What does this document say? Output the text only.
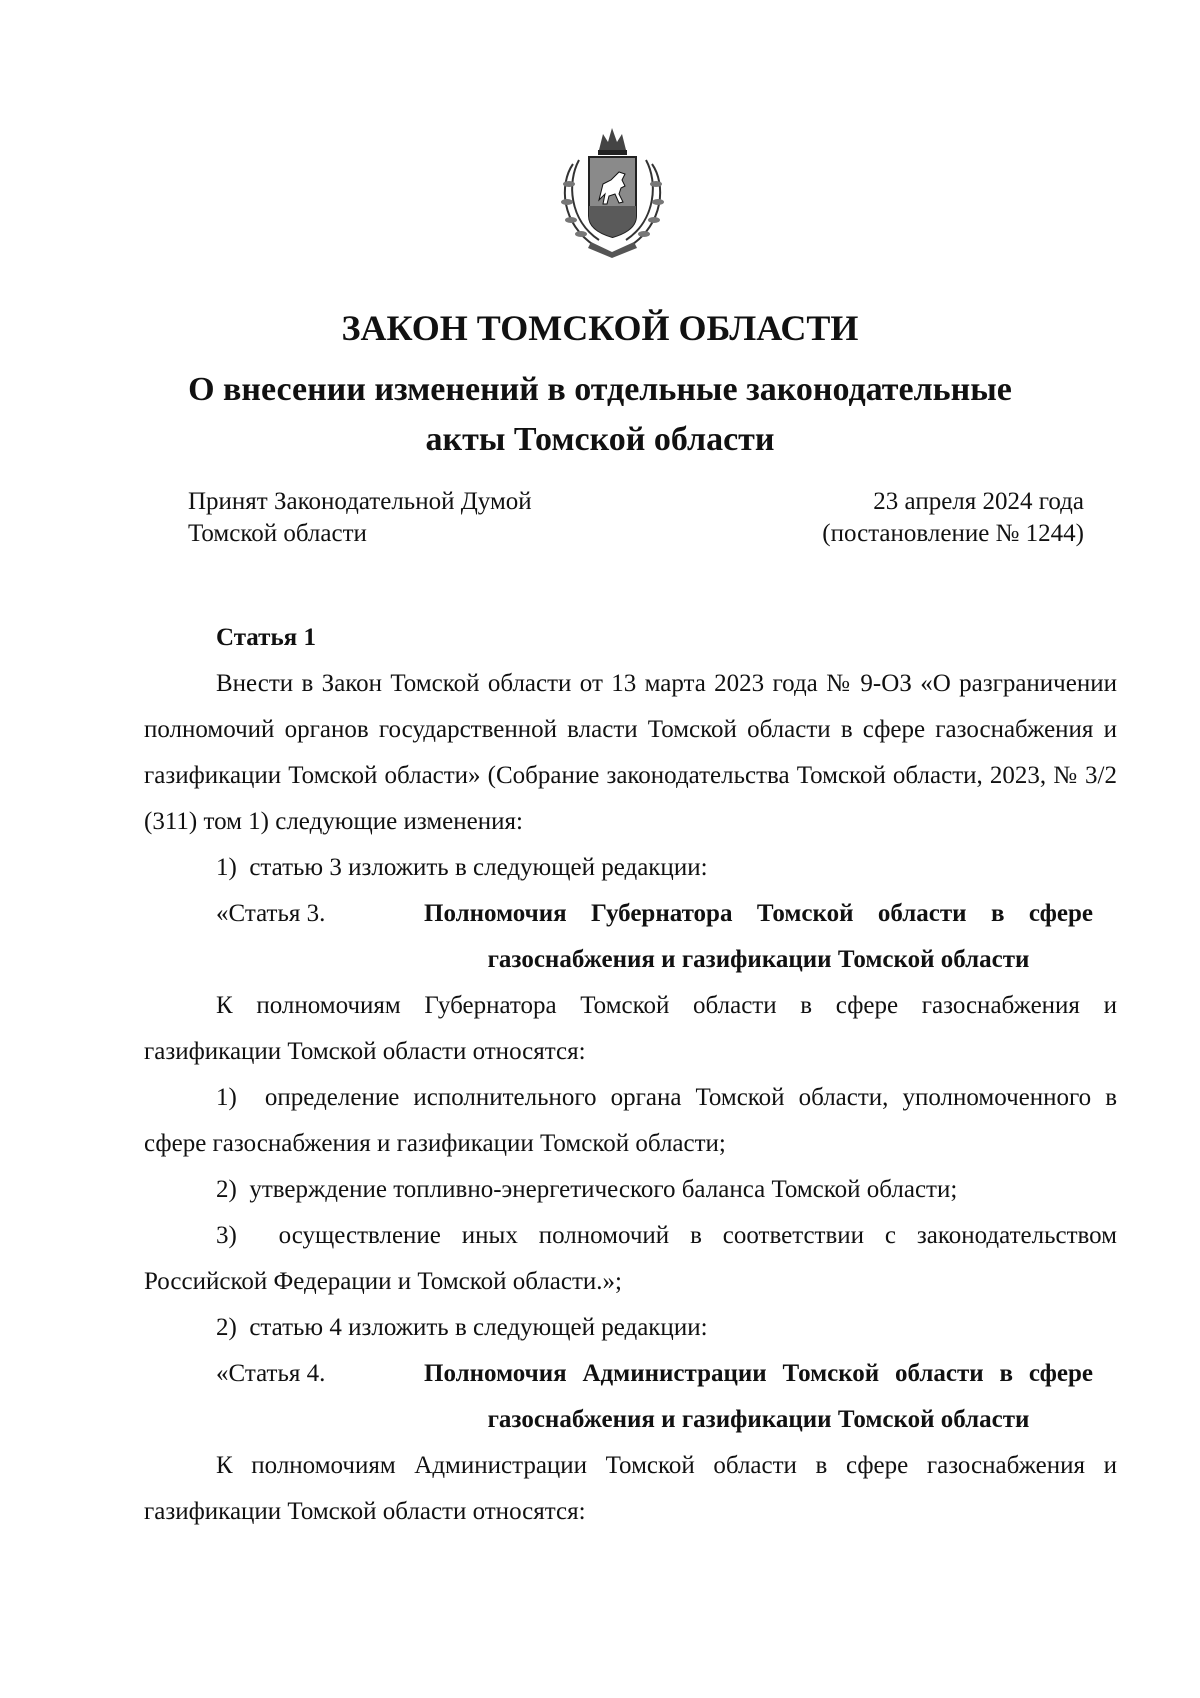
ЗАКОН ТОМСКОЙ ОБЛАСТИ
О внесении изменений в отдельные законодательные
акты Томской области
Принят Законодательной Думой
Томской области
23 апреля 2024 года
(постановление № 1244)
Статья 1

Внести в Закон Томской области от 13 марта 2023 года № 9-ОЗ «О разграничении полномочий органов государственной власти Томской области в сфере газоснабжения и газификации Томской области» (Собрание законодательства Томской области, 2023, № 3/2 (311) том 1) следующие изменения:

1)  статью 3 изложить в следующей редакции:
«Статья 3.	Полномочия Губернатора Томской области в сфере газоснабжения и газификации Томской области

К полномочиям Губернатора Томской области в сфере газоснабжения и газификации Томской области относятся:

1)  определение исполнительного органа Томской области, уполномоченного в сфере газоснабжения и газификации Томской области;

2)  утверждение топливно-энергетического баланса Томской области;

3)  осуществление иных полномочий в соответствии с законодательством Российской Федерации и Томской области.»;

2)  статью 4 изложить в следующей редакции:
«Статья 4.	Полномочия Администрации Томской области в сфере газоснабжения и газификации Томской области

К полномочиям Администрации Томской области в сфере газоснабжения и газификации Томской области относятся:
